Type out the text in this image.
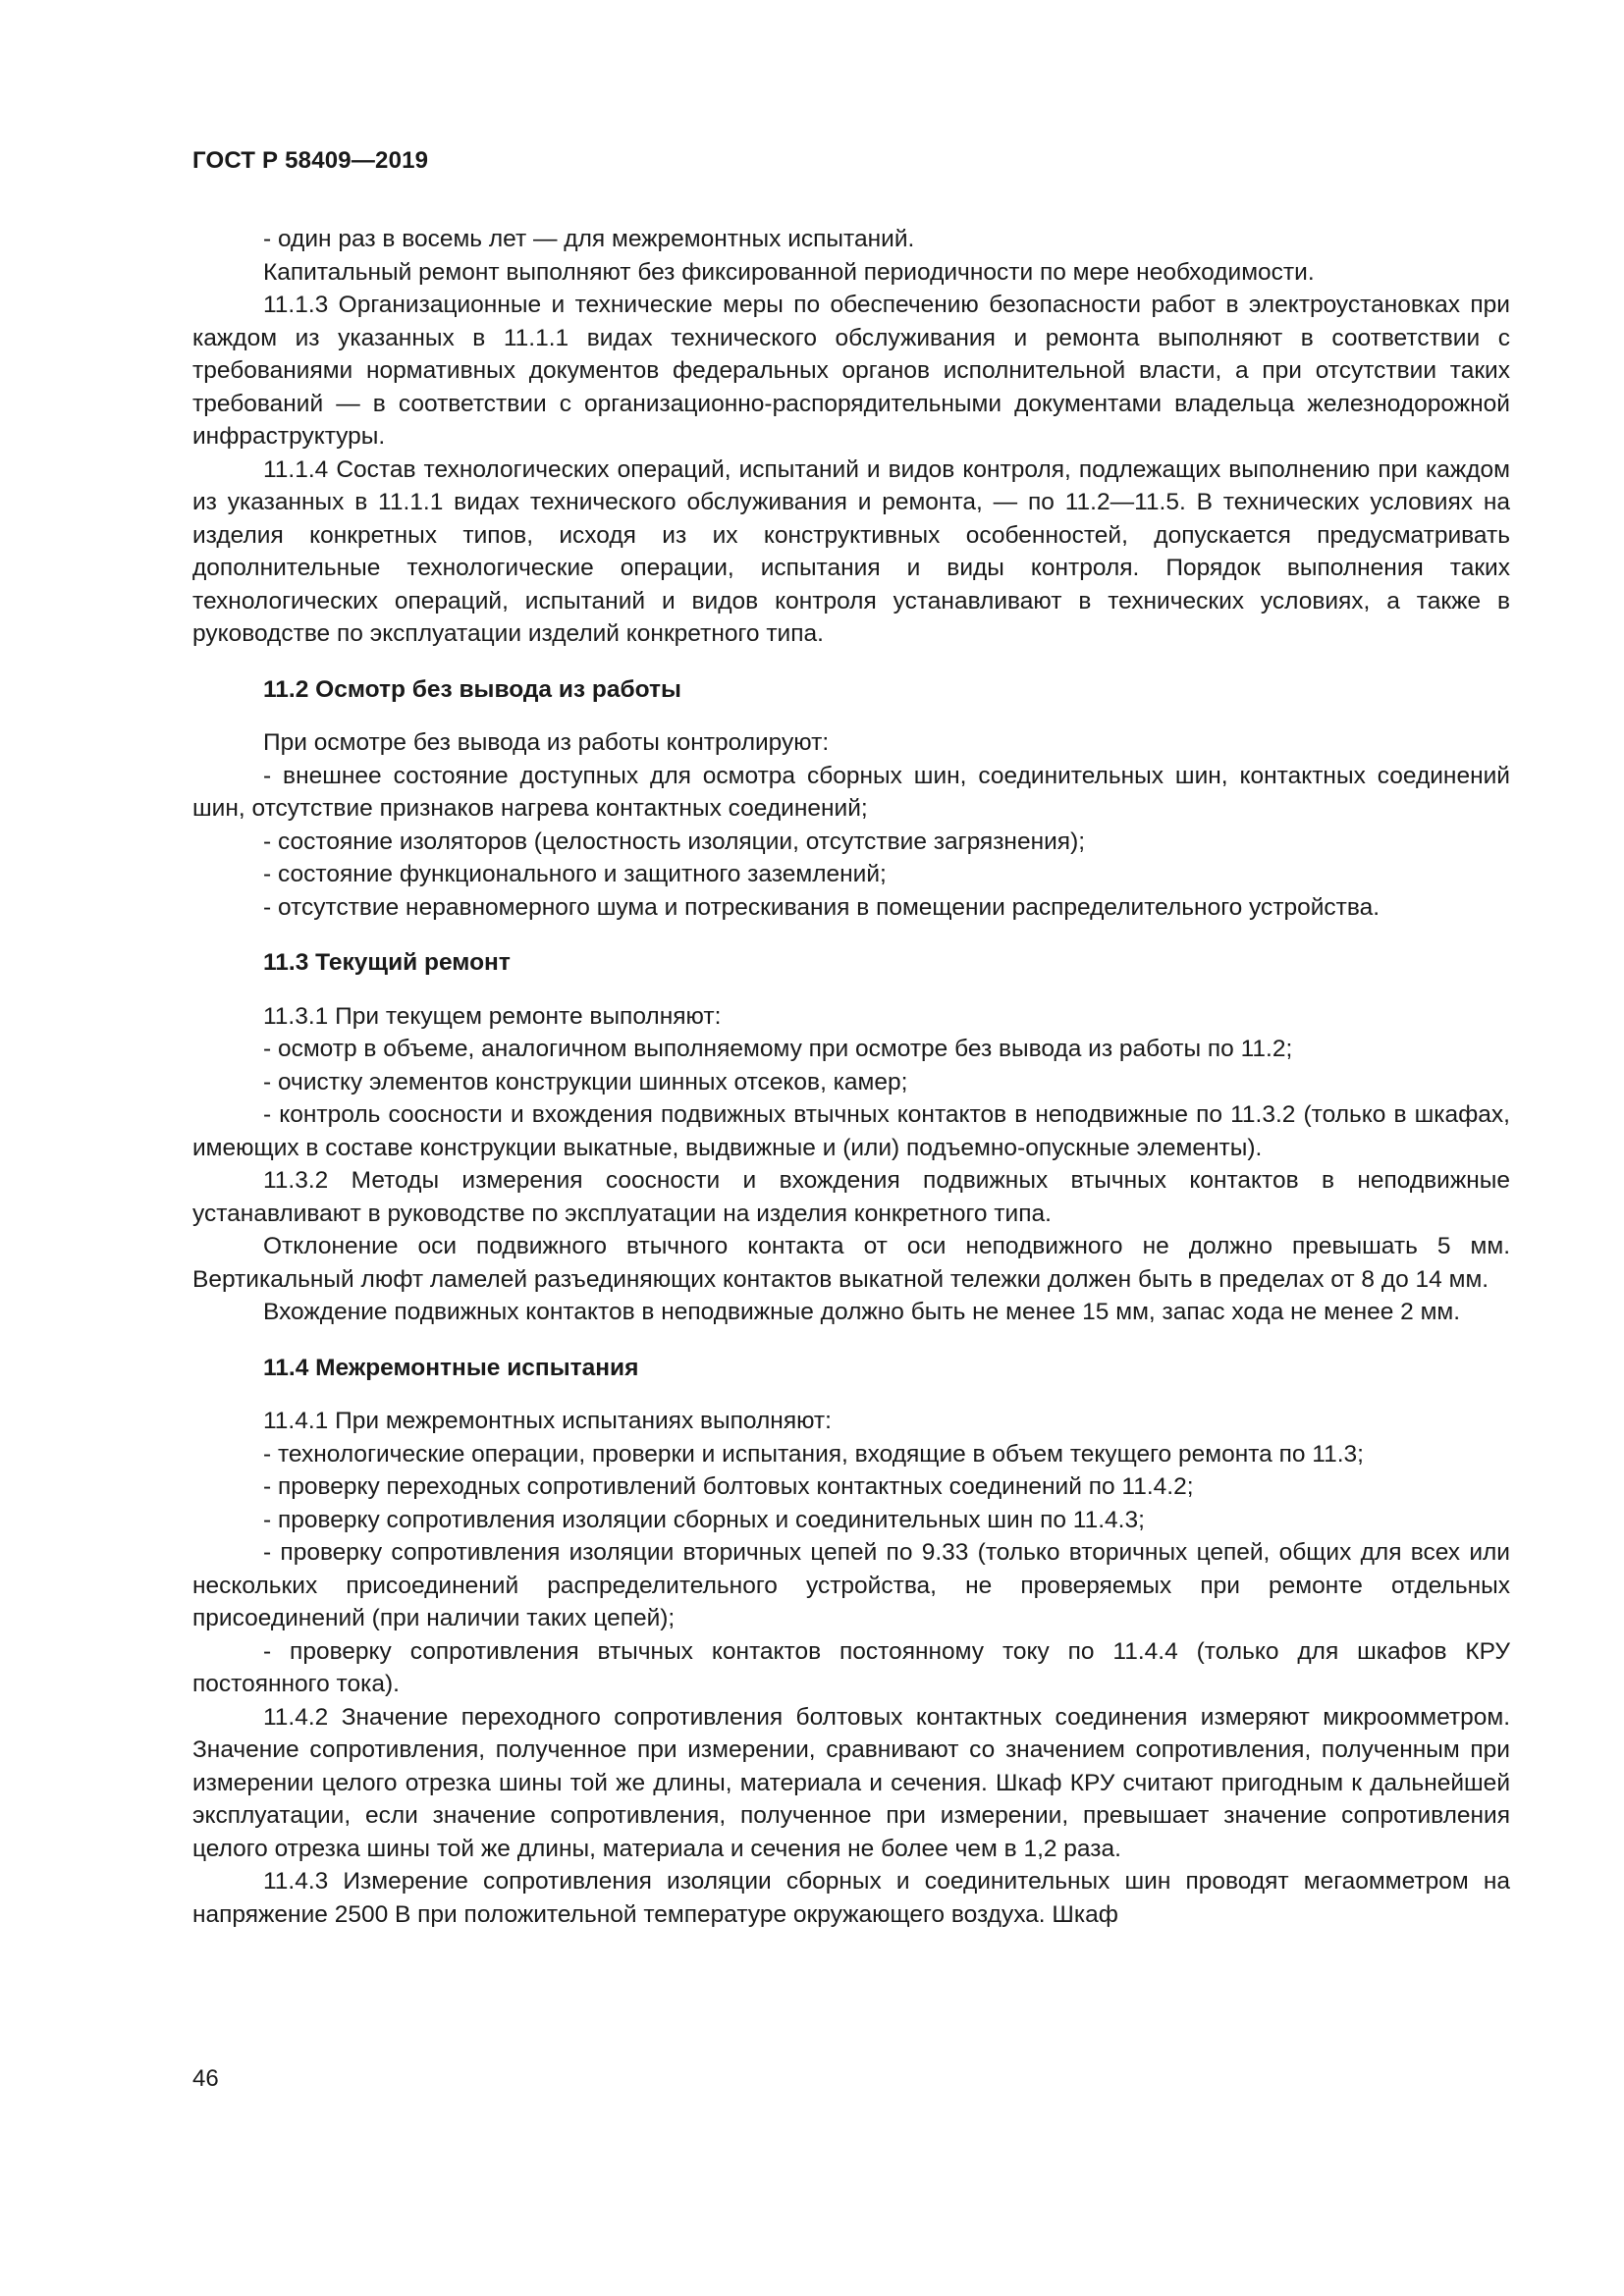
ГОСТ Р 58409—2019

- один раз в восемь лет — для межремонтных испытаний.

Капитальный ремонт выполняют без фиксированной периодичности по мере необходимости.

11.1.3 Организационные и технические меры по обеспечению безопасности работ в электроустановках при каждом из указанных в 11.1.1 видах технического обслуживания и ремонта выполняют в соответствии с требованиями нормативных документов федеральных органов исполнительной власти, а при отсутствии таких требований — в соответствии с организационно-распорядительными документами владельца железнодорожной инфраструктуры.

11.1.4 Состав технологических операций, испытаний и видов контроля, подлежащих выполнению при каждом из указанных в 11.1.1 видах технического обслуживания и ремонта, — по 11.2—11.5. В технических условиях на изделия конкретных типов, исходя из их конструктивных особенностей, допускается предусматривать дополнительные технологические операции, испытания и виды контроля. Порядок выполнения таких технологических операций, испытаний и видов контроля устанавливают в технических условиях, а также в руководстве по эксплуатации изделий конкретного типа.

11.2 Осмотр без вывода из работы

При осмотре без вывода из работы контролируют:

- внешнее состояние доступных для осмотра сборных шин, соединительных шин, контактных соединений шин, отсутствие признаков нагрева контактных соединений;

- состояние изоляторов (целостность изоляции, отсутствие загрязнения);

- состояние функционального и защитного заземлений;

- отсутствие неравномерного шума и потрескивания в помещении распределительного устройства.

11.3 Текущий ремонт

11.3.1 При текущем ремонте выполняют:

- осмотр в объеме, аналогичном выполняемому при осмотре без вывода из работы по 11.2;

- очистку элементов конструкции шинных отсеков, камер;

- контроль соосности и вхождения подвижных втычных контактов в неподвижные по 11.3.2 (только в шкафах, имеющих в составе конструкции выкатные, выдвижные и (или) подъемно-опускные элементы).

11.3.2 Методы измерения соосности и вхождения подвижных втычных контактов в неподвижные устанавливают в руководстве по эксплуатации на изделия конкретного типа.

Отклонение оси подвижного втычного контакта от оси неподвижного не должно превышать 5 мм. Вертикальный люфт ламелей разъединяющих контактов выкатной тележки должен быть в пределах от 8 до 14 мм.

Вхождение подвижных контактов в неподвижные должно быть не менее 15 мм, запас хода не менее 2 мм.

11.4 Межремонтные испытания

11.4.1 При межремонтных испытаниях выполняют:

- технологические операции, проверки и испытания, входящие в объем текущего ремонта по 11.3;

- проверку переходных сопротивлений болтовых контактных соединений по 11.4.2;

- проверку сопротивления изоляции сборных и соединительных шин по 11.4.3;

- проверку сопротивления изоляции вторичных цепей по 9.33 (только вторичных цепей, общих для всех или нескольких присоединений распределительного устройства, не проверяемых при ремонте отдельных присоединений (при наличии таких цепей);

- проверку сопротивления втычных контактов постоянному току по 11.4.4 (только для шкафов КРУ постоянного тока).

11.4.2 Значение переходного сопротивления болтовых контактных соединения измеряют микроомметром. Значение сопротивления, полученное при измерении, сравнивают со значением сопротивления, полученным при измерении целого отрезка шины той же длины, материала и сечения. Шкаф КРУ считают пригодным к дальнейшей эксплуатации, если значение сопротивления, полученное при измерении, превышает значение сопротивления целого отрезка шины той же длины, материала и сечения не более чем в 1,2 раза.

11.4.3 Измерение сопротивления изоляции сборных и соединительных шин проводят мегаомметром на напряжение 2500 В при положительной температуре окружающего воздуха. Шкаф

46
